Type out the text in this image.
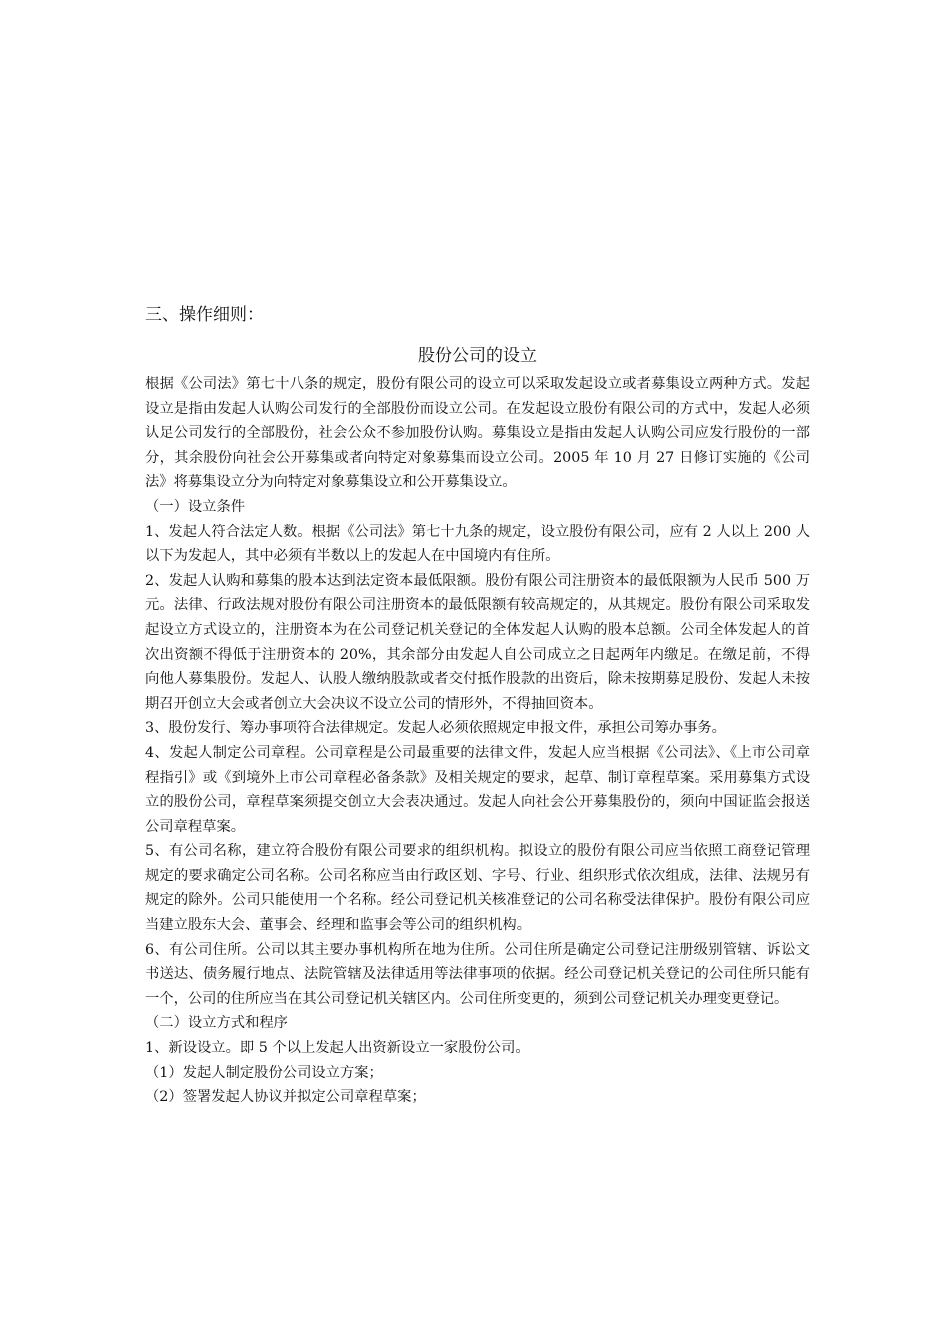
三、操作细则：
股份公司的设立

根据《公司法》第七十八条的规定，股份有限公司的设立可以采取发起设立或者募集设立两种方式。发起设立是指由发起人认购公司发行的全部股份而设立公司。在发起设立股份有限公司的方式中，发起人必须认足公司发行的全部股份，社会公众不参加股份认购。募集设立是指由发起人认购公司应发行股份的一部分，其余股份向社会公开募集或者向特定对象募集而设立公司。2005 年 10 月 27 日修订实施的《公司法》将募集设立分为向特定对象募集设立和公开募集设立。

（一）设立条件

1、发起人符合法定人数。根据《公司法》第七十九条的规定，设立股份有限公司，应有 2 人以上 200 人以下为发起人，其中必须有半数以上的发起人在中国境内有住所。

2、发起人认购和募集的股本达到法定资本最低限额。股份有限公司注册资本的最低限额为人民币 500 万元。法律、行政法规对股份有限公司注册资本的最低限额有较高规定的，从其规定。股份有限公司采取发起设立方式设立的，注册资本为在公司登记机关登记的全体发起人认购的股本总额。公司全体发起人的首次出资额不得低于注册资本的 20%，其余部分由发起人自公司成立之日起两年内缴足。在缴足前，不得向他人募集股份。发起人、认股人缴纳股款或者交付抵作股款的出资后，除未按期募足股份、发起人未按期召开创立大会或者创立大会决议不设立公司的情形外，不得抽回资本。

3、股份发行、筹办事项符合法律规定。发起人必须依照规定申报文件，承担公司筹办事务。

4、发起人制定公司章程。公司章程是公司最重要的法律文件，发起人应当根据《公司法》、《上市公司章程指引》或《到境外上市公司章程必备条款》及相关规定的要求，起草、制订章程草案。采用募集方式设立的股份公司，章程草案须提交创立大会表决通过。发起人向社会公开募集股份的，须向中国证监会报送公司章程草案。

5、有公司名称，建立符合股份有限公司要求的组织机构。拟设立的股份有限公司应当依照工商登记管理规定的要求确定公司名称。公司名称应当由行政区划、字号、行业、组织形式依次组成，法律、法规另有规定的除外。公司只能使用一个名称。经公司登记机关核准登记的公司名称受法律保护。股份有限公司应当建立股东大会、董事会、经理和监事会等公司的组织机构。

6、有公司住所。公司以其主要办事机构所在地为住所。公司住所是确定公司登记注册级别管辖、诉讼文书送达、债务履行地点、法院管辖及法律适用等法律事项的依据。经公司登记机关登记的公司住所只能有一个，公司的住所应当在其公司登记机关辖区内。公司住所变更的，须到公司登记机关办理变更登记。

（二）设立方式和程序

1、新设设立。即 5 个以上发起人出资新设立一家股份公司。

（1）发起人制定股份公司设立方案；

（2）签署发起人协议并拟定公司章程草案；
